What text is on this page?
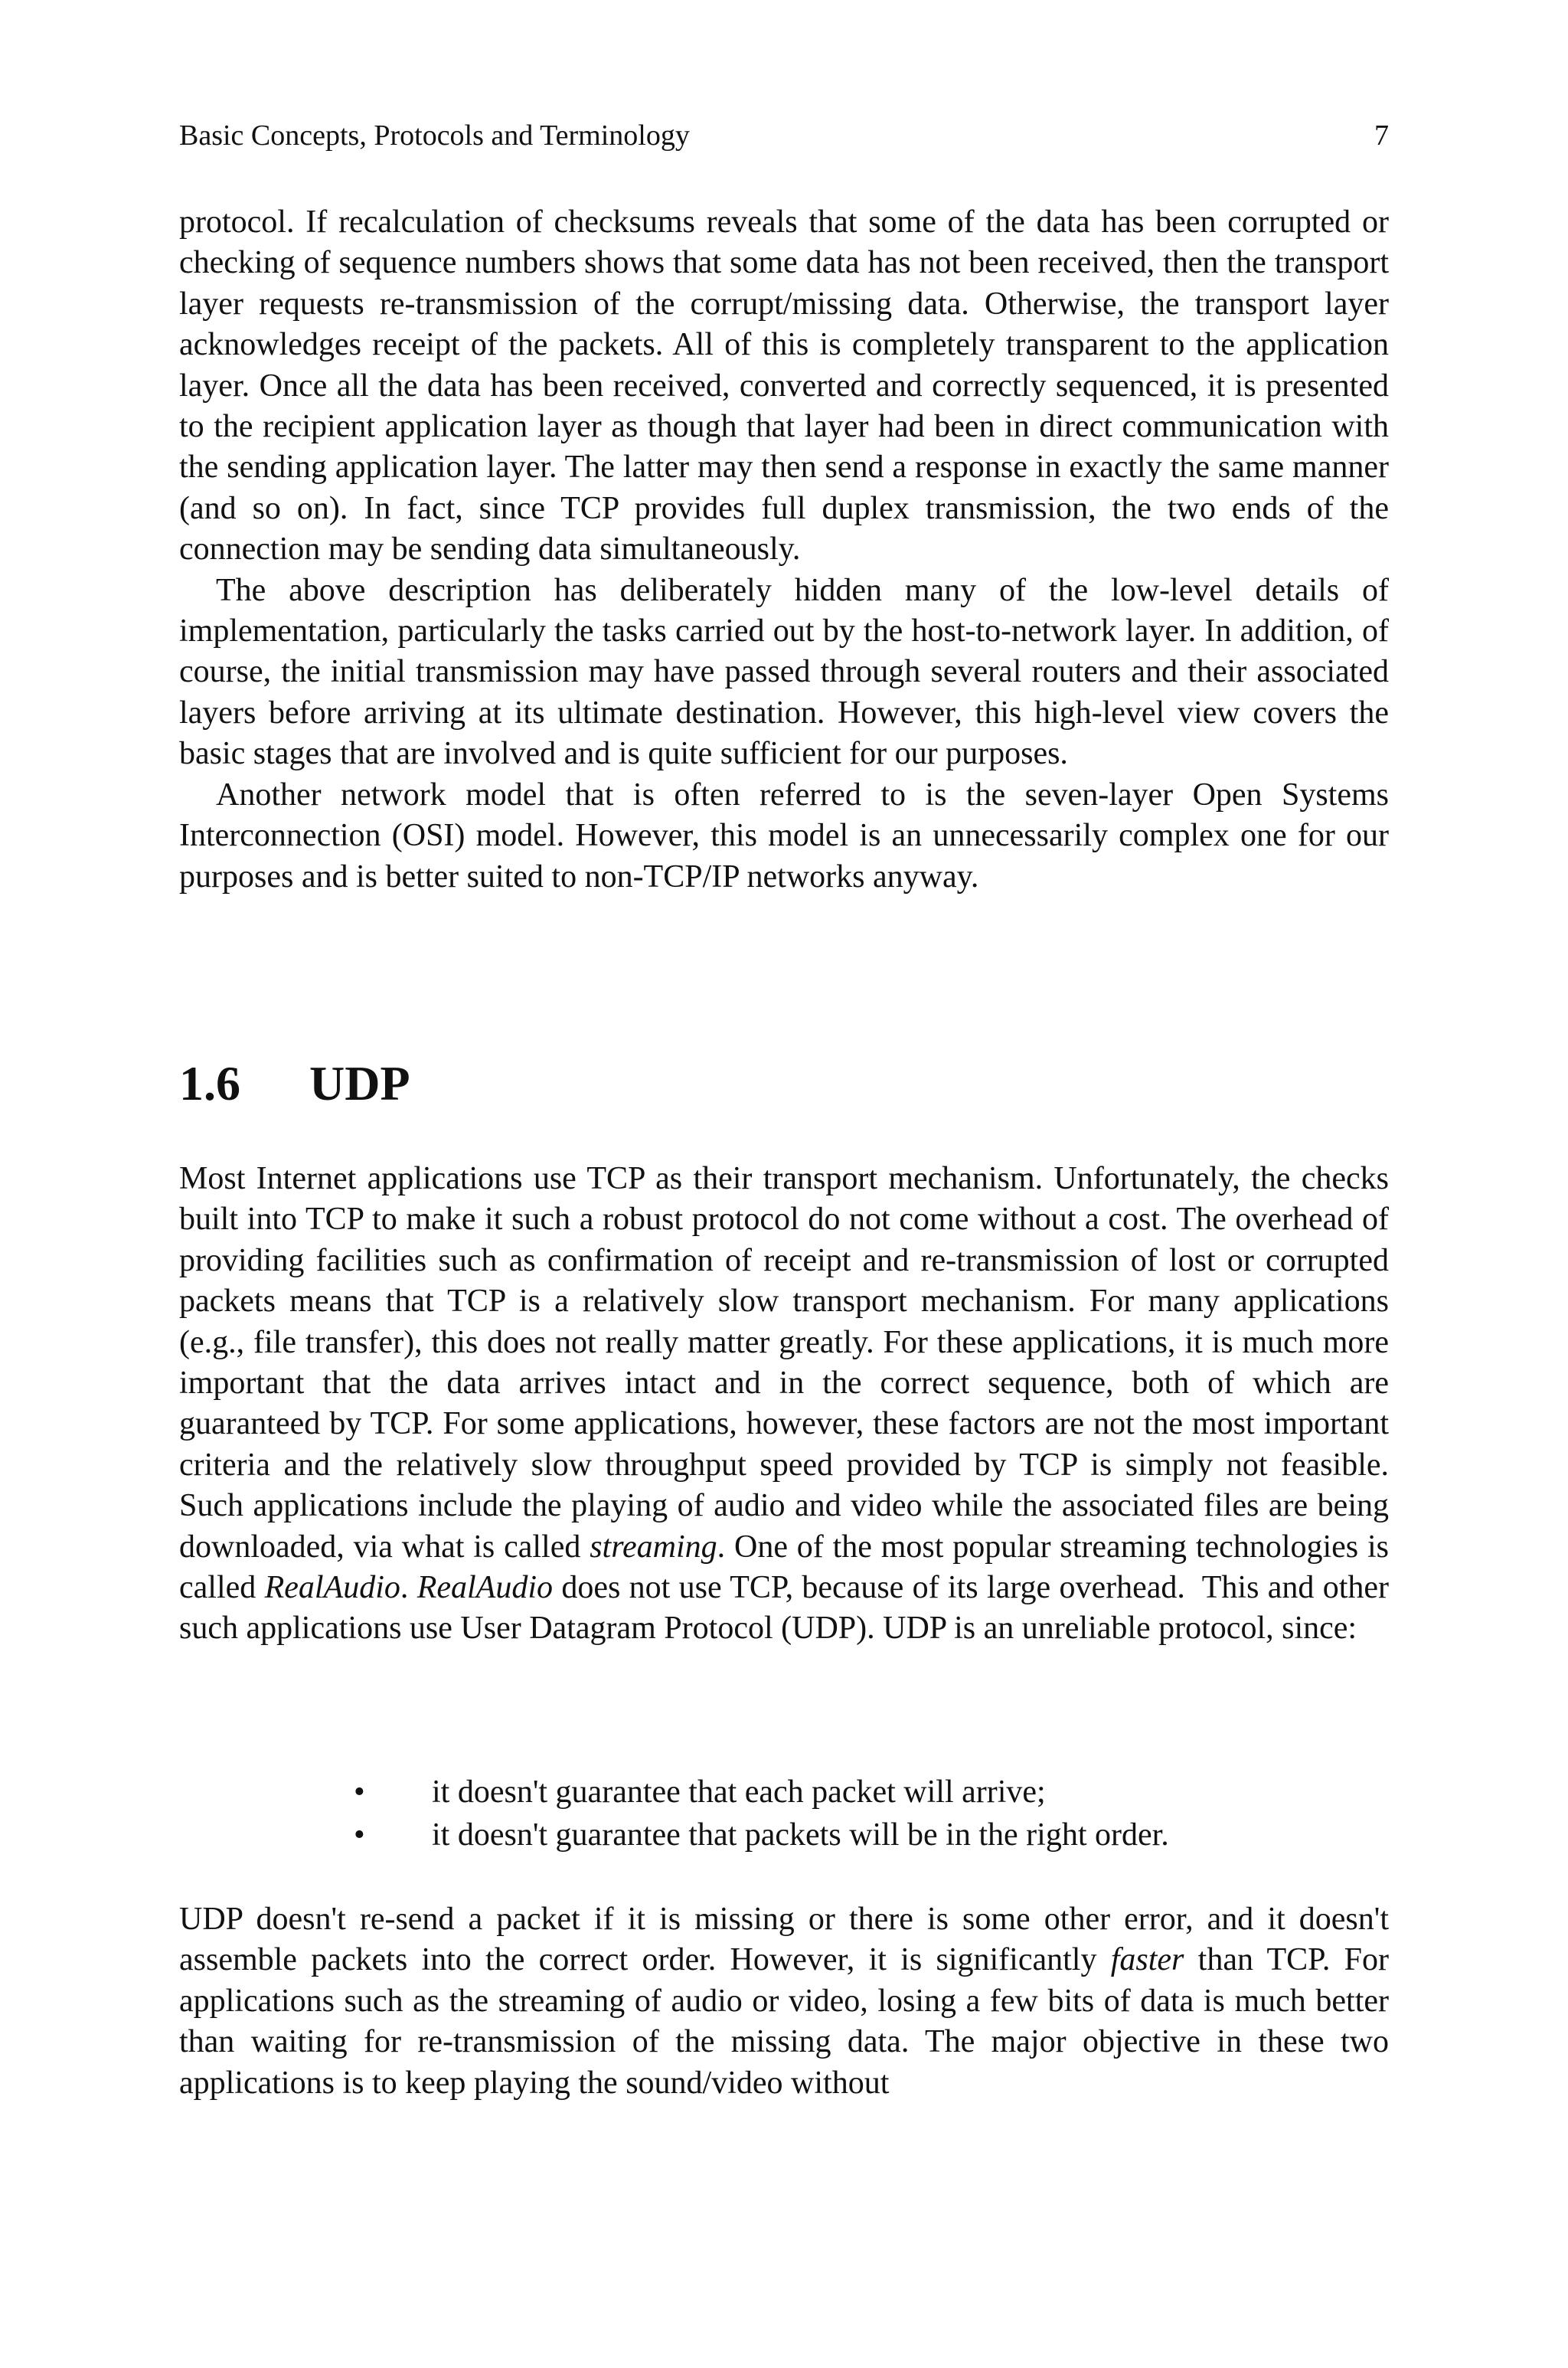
Basic Concepts, Protocols and Terminology	7

protocol. If recalculation of checksums reveals that some of the data has been corrupted or checking of sequence numbers shows that some data has not been received, then the transport layer requests re-transmission of the corrupt/missing data. Otherwise, the transport layer acknowledges receipt of the packets. All of this is completely transparent to the application layer. Once all the data has been received, converted and correctly sequenced, it is presented to the recipient application layer as though that layer had been in direct communication with the sending application layer. The latter may then send a response in exactly the same manner (and so on). In fact, since TCP provides full duplex transmission, the two ends of the connection may be sending data simultaneously.

The above description has deliberately hidden many of the low-level details of implementation, particularly the tasks carried out by the host-to-network layer. In addition, of course, the initial transmission may have passed through several routers and their associated layers before arriving at its ultimate destination. However, this high-level view covers the basic stages that are involved and is quite sufficient for our purposes.

Another network model that is often referred to is the seven-layer Open Systems Interconnection (OSI) model. However, this model is an unnecessarily complex one for our purposes and is better suited to non-TCP/IP networks anyway.

1.6 UDP

Most Internet applications use TCP as their transport mechanism. Unfortunately, the checks built into TCP to make it such a robust protocol do not come without a cost. The overhead of providing facilities such as confirmation of receipt and re-transmission of lost or corrupted packets means that TCP is a relatively slow transport mechanism. For many applications (e.g., file transfer), this does not really matter greatly. For these applications, it is much more important that the data arrives intact and in the correct sequence, both of which are guaranteed by TCP. For some applications, however, these factors are not the most important criteria and the relatively slow throughput speed provided by TCP is simply not feasible. Such applications include the playing of audio and video while the associated files are being downloaded, via what is called streaming. One of the most popular streaming technologies is called RealAudio. RealAudio does not use TCP, because of its large overhead.  This and other such applications use User Datagram Protocol (UDP). UDP is an unreliable protocol, since:

• it doesn't guarantee that each packet will arrive;
• it doesn't guarantee that packets will be in the right order.

UDP doesn't re-send a packet if it is missing or there is some other error, and it doesn't assemble packets into the correct order. However, it is significantly faster than TCP. For applications such as the streaming of audio or video, losing a few bits of data is much better than waiting for re-transmission of the missing data. The major objective in these two applications is to keep playing the sound/video without
